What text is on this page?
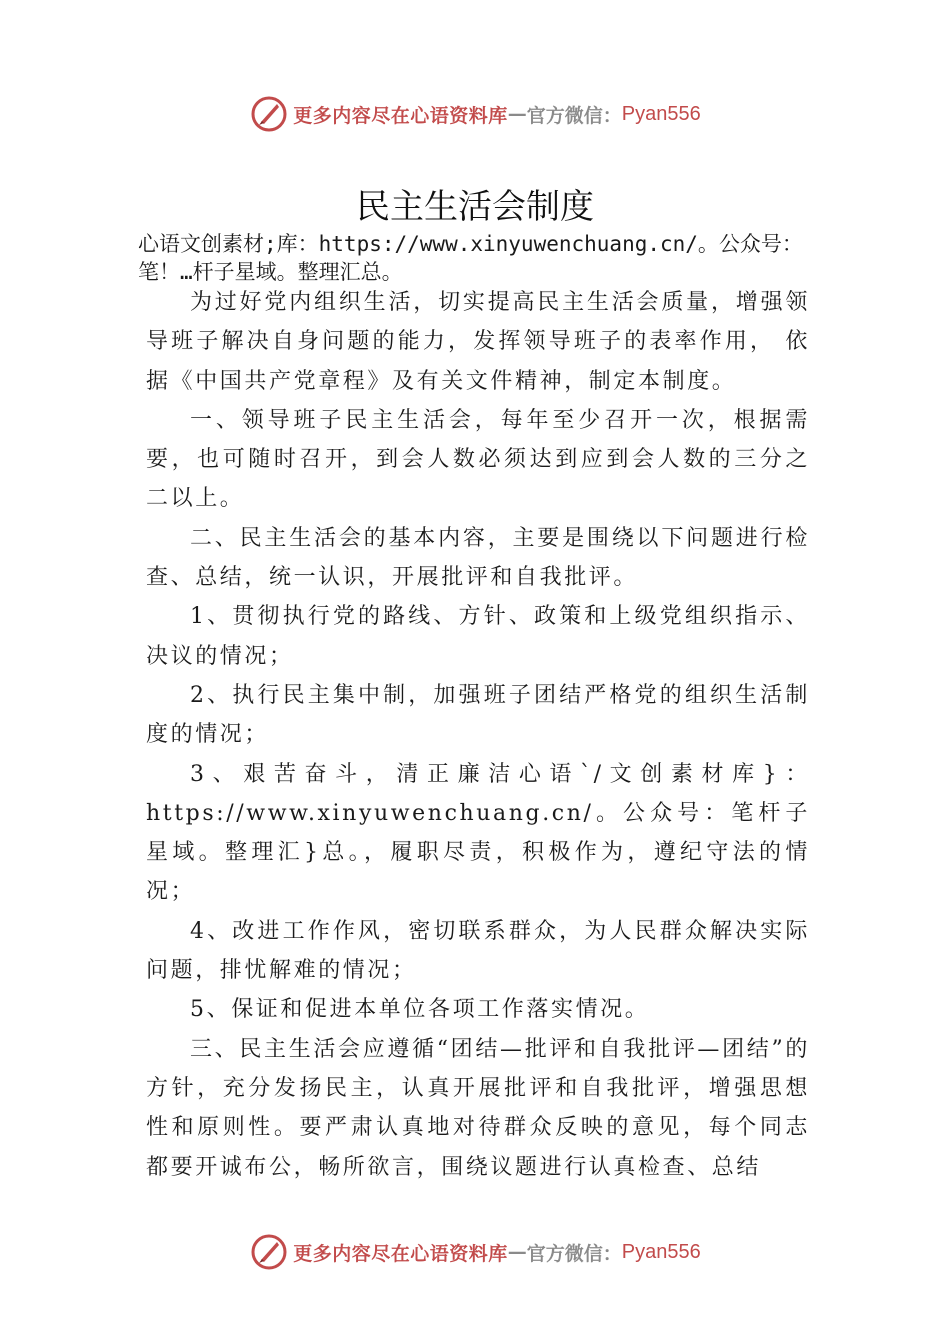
更多内容尽在心语资料库 — 官方微信： Pyan556
民主生活会制度

心语文创素材;库：https://www.xinyuwenchuang.cn/。公众号：笔！…杆子星域。整理汇总。

为过好党内组织生活，切实提高民主生活会质量，增强领导班子解决自身问题的能力，发挥领导班子的表率作用， 依据《中国共产党章程》及有关文件精神，制定本制度。

一、领导班子民主生活会，每年至少召开一次，根据需要，也可随时召开，到会人数必须达到应到会人数的三分之二以上。

二、民主生活会的基本内容，主要是围绕以下问题进行检查、总结，统一认识，开展批评和自我批评。

1、贯彻执行党的路线、方针、政策和上级党组织指示、决议的情况；

2、执行民主集中制，加强班子团结严格党的组织生活制度的情况；

3、艰苦奋斗，清正廉洁心语`/文创素材库}：https://www.xinyuwenchuang.cn/。公众号：笔杆子星域。整理汇}总。，履职尽责，积极作为，遵纪守法的情况；

4、改进工作作风，密切联系群众，为人民群众解决实际问题，排忧解难的情况；

5、保证和促进本单位各项工作落实情况。

三、民主生活会应遵循“团结—批评和自我批评—团结”的方针，充分发扬民主，认真开展批评和自我批评，增强思想性和原则性。要严肃认真地对待群众反映的意见，每个同志都要开诚布公，畅所欲言，围绕议题进行认真检查、总结

更多内容尽在心语资料库 — 官方微信： Pyan556
